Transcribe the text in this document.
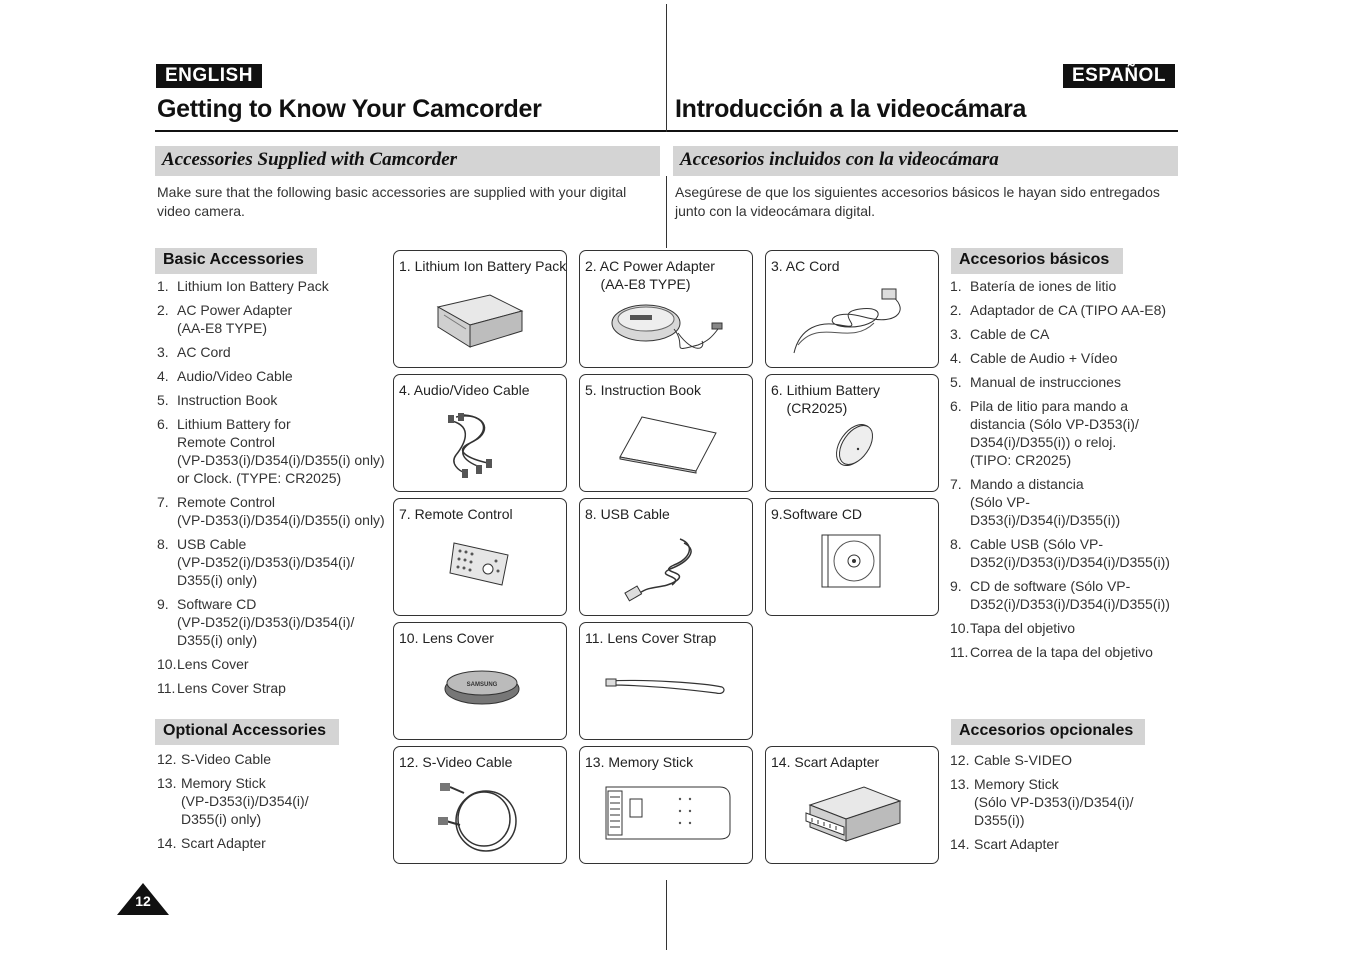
ENGLISH
Getting to Know Your Camcorder
ESPAÑOL
Introducción a la videocámara
Accessories Supplied with Camcorder	Accesorios incluidos con la videocámara
Make sure that the following basic accessories are supplied with your digital video camera.
Asegúrese de que los siguientes accesorios básicos le hayan sido entregados junto con la videocámara digital.
Basic Accessories
1. Lithium Ion Battery Pack
2. AC Power Adapter
(AA-E8 TYPE)
3. AC Cord
4. Audio/Video Cable
5. Instruction Book
6. Lithium Battery for
Remote Control
(VP-D353(i)/D354(i)/D355(i) only)
or Clock. (TYPE: CR2025)
7. Remote Control
(VP-D353(i)/D354(i)/D355(i) only)
8. USB Cable
(VP-D352(i)/D353(i)/D354(i)/
D355(i) only)
9. Software CD
(VP-D352(i)/D353(i)/D354(i)/
D355(i) only)
10. Lens Cover
11. Lens Cover Strap
Optional Accessories
12. S-Video Cable
13. Memory Stick
(VP-D353(i)/D354(i)/
D355(i) only)
14. Scart Adapter
Accesorios básicos
1. Batería de iones de litio
2. Adaptador de CA (TIPO AA-E8)
3. Cable de CA
4. Cable de Audio + Vídeo
5. Manual de instrucciones
6. Pila de litio para mando a
distancia (Sólo VP-D353(i)/
D354(i)/D355(i)) o reloj.
(TIPO: CR2025)
7. Mando a distancia
(Sólo VP-D353(i)/D354(i)/D355(i))
8. Cable USB (Sólo VP-
D352(i)/D353(i)/D354(i)/D355(i))
9. CD de software (Sólo VP-
D352(i)/D353(i)/D354(i)/D355(i))
10. Tapa del objetivo
11. Correa de la tapa del objetivo
Accesorios opcionales
12. Cable S-VIDEO
13. Memory Stick
(Sólo VP-D353(i)/D354(i)/
D355(i))
14. Scart Adapter
1. Lithium Ion Battery Pack 2. AC Power Adapter
(AA-E8 TYPE)
3. AC Cord
4. Audio/Video Cable	5. Instruction Book	6. Lithium Battery
(CR2025)
7. Remote Control	8. USB Cable	9.Software CD
10. Lens Cover
SAMSUNG
11. Lens Cover Strap
12. S-Video Cable	13. Memory Stick	14. Scart Adapter
12
